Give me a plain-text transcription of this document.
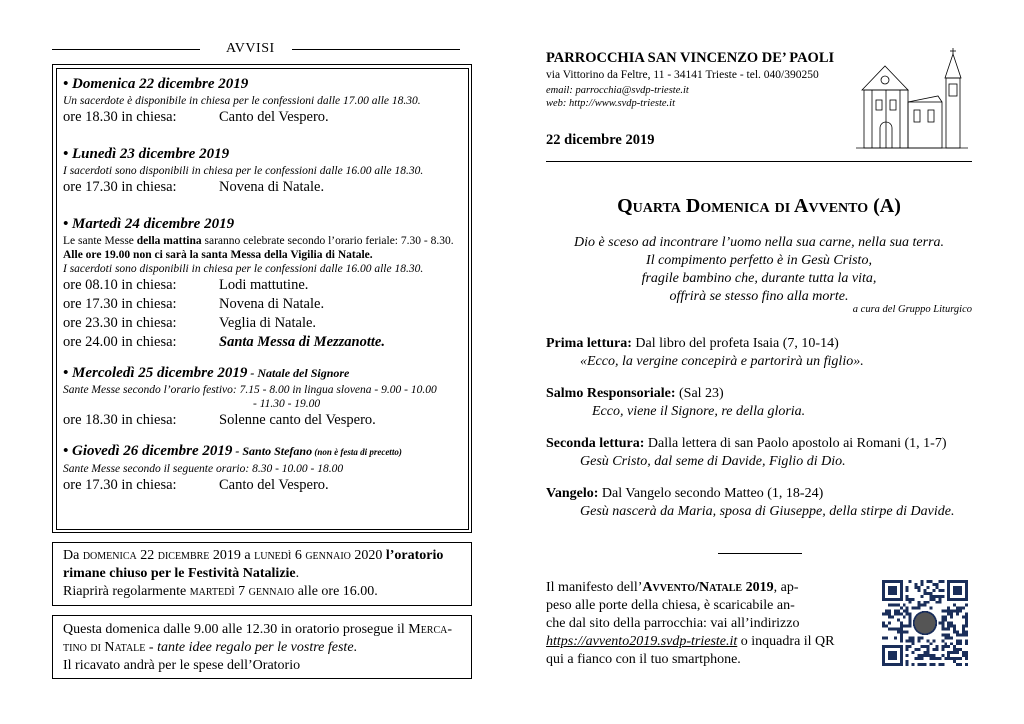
AVVISI
• Domenica 22 dicembre 2019
Un sacerdote è disponibile in chiesa per le confessioni dalle 17.00 alle 18.30.
ore 18.30 in chiesa:	Canto del Vespero.
• Lunedì 23 dicembre 2019
I sacerdoti sono disponibili in chiesa per le confessioni dalle 16.00 alle 18.30.
ore 17.30 in chiesa:	Novena di Natale.
• Martedì 24 dicembre 2019
Le sante Messe della mattina saranno celebrate secondo l’orario feriale: 7.30 - 8.30.
Alle ore 19.00 non ci sarà la santa Messa della Vigilia di Natale.
I sacerdoti sono disponibili in chiesa per le confessioni dalle 16.00 alle 18.30.
ore 08.10 in chiesa:	Lodi mattutine.
ore 17.30 in chiesa:	Novena di Natale.
ore 23.30 in chiesa:	Veglia di Natale.
ore 24.00 in chiesa:	Santa Messa di Mezzanotte.
• Mercoledì 25 dicembre 2019 - Natale del Signore
Sante Messe secondo l’orario festivo: 7.15 - 8.00 in lingua slovena - 9.00 - 10.00
- 11.30 - 19.00
ore 18.30 in chiesa:	Solenne canto del Vespero.
• Giovedì 26 dicembre 2019 - Santo Stefano (non è festa di precetto)
Sante Messe secondo il seguente orario: 8.30 - 10.00 - 18.00
ore 17.30 in chiesa:	Canto del Vespero.
Da domenica 22 dicembre 2019 a lunedì 6 gennaio 2020 l’oratorio
rimane chiuso per le Festività Natalizie.
Riaprirà regolarmente martedì 7 gennaio alle ore 16.00.
Questa domenica dalle 9.00 alle 12.30 in oratorio prosegue il Merca-
tino di Natale - tante idee regalo per le vostre feste.
Il ricavato andrà per le spese dell’Oratorio
PARROCCHIA SAN VINCENZO DE’ PAOLI
via Vittorino da Feltre, 11 - 34141 Trieste - tel. 040/390250
email: parrocchia@svdp-trieste.it
web: http://www.svdp-trieste.it
22 dicembre 2019
Quarta Domenica di Avvento (A)
Dio è sceso ad incontrare l’uomo nella sua carne, nella sua terra.
Il compimento perfetto è in Gesù Cristo,
fragile bambino che, durante tutta la vita,
offrirà se stesso fino alla morte.
a cura del Gruppo Liturgico
Prima lettura: Dal libro del profeta Isaia (7, 10-14)
«Ecco, la vergine concepirà e partorirà un figlio».
Salmo Responsoriale: (Sal 23)
Ecco, viene il Signore, re della gloria.
Seconda lettura: Dalla lettera di san Paolo apostolo ai Romani (1, 1-7)
Gesù Cristo, dal seme di Davide, Figlio di Dio.
Vangelo: Dal Vangelo secondo Matteo (1, 18-24)
Gesù nascerà da Maria, sposa di Giuseppe, della stirpe di Davide.
Il manifesto dell’Avvento/Natale 2019, ap-
peso alle porte della chiesa, è scaricabile an-
che dal sito della parrocchia: vai all’indirizzo
https://avvento2019.svdp-trieste.it o inquadra il QR
qui a fianco con il tuo smartphone.
